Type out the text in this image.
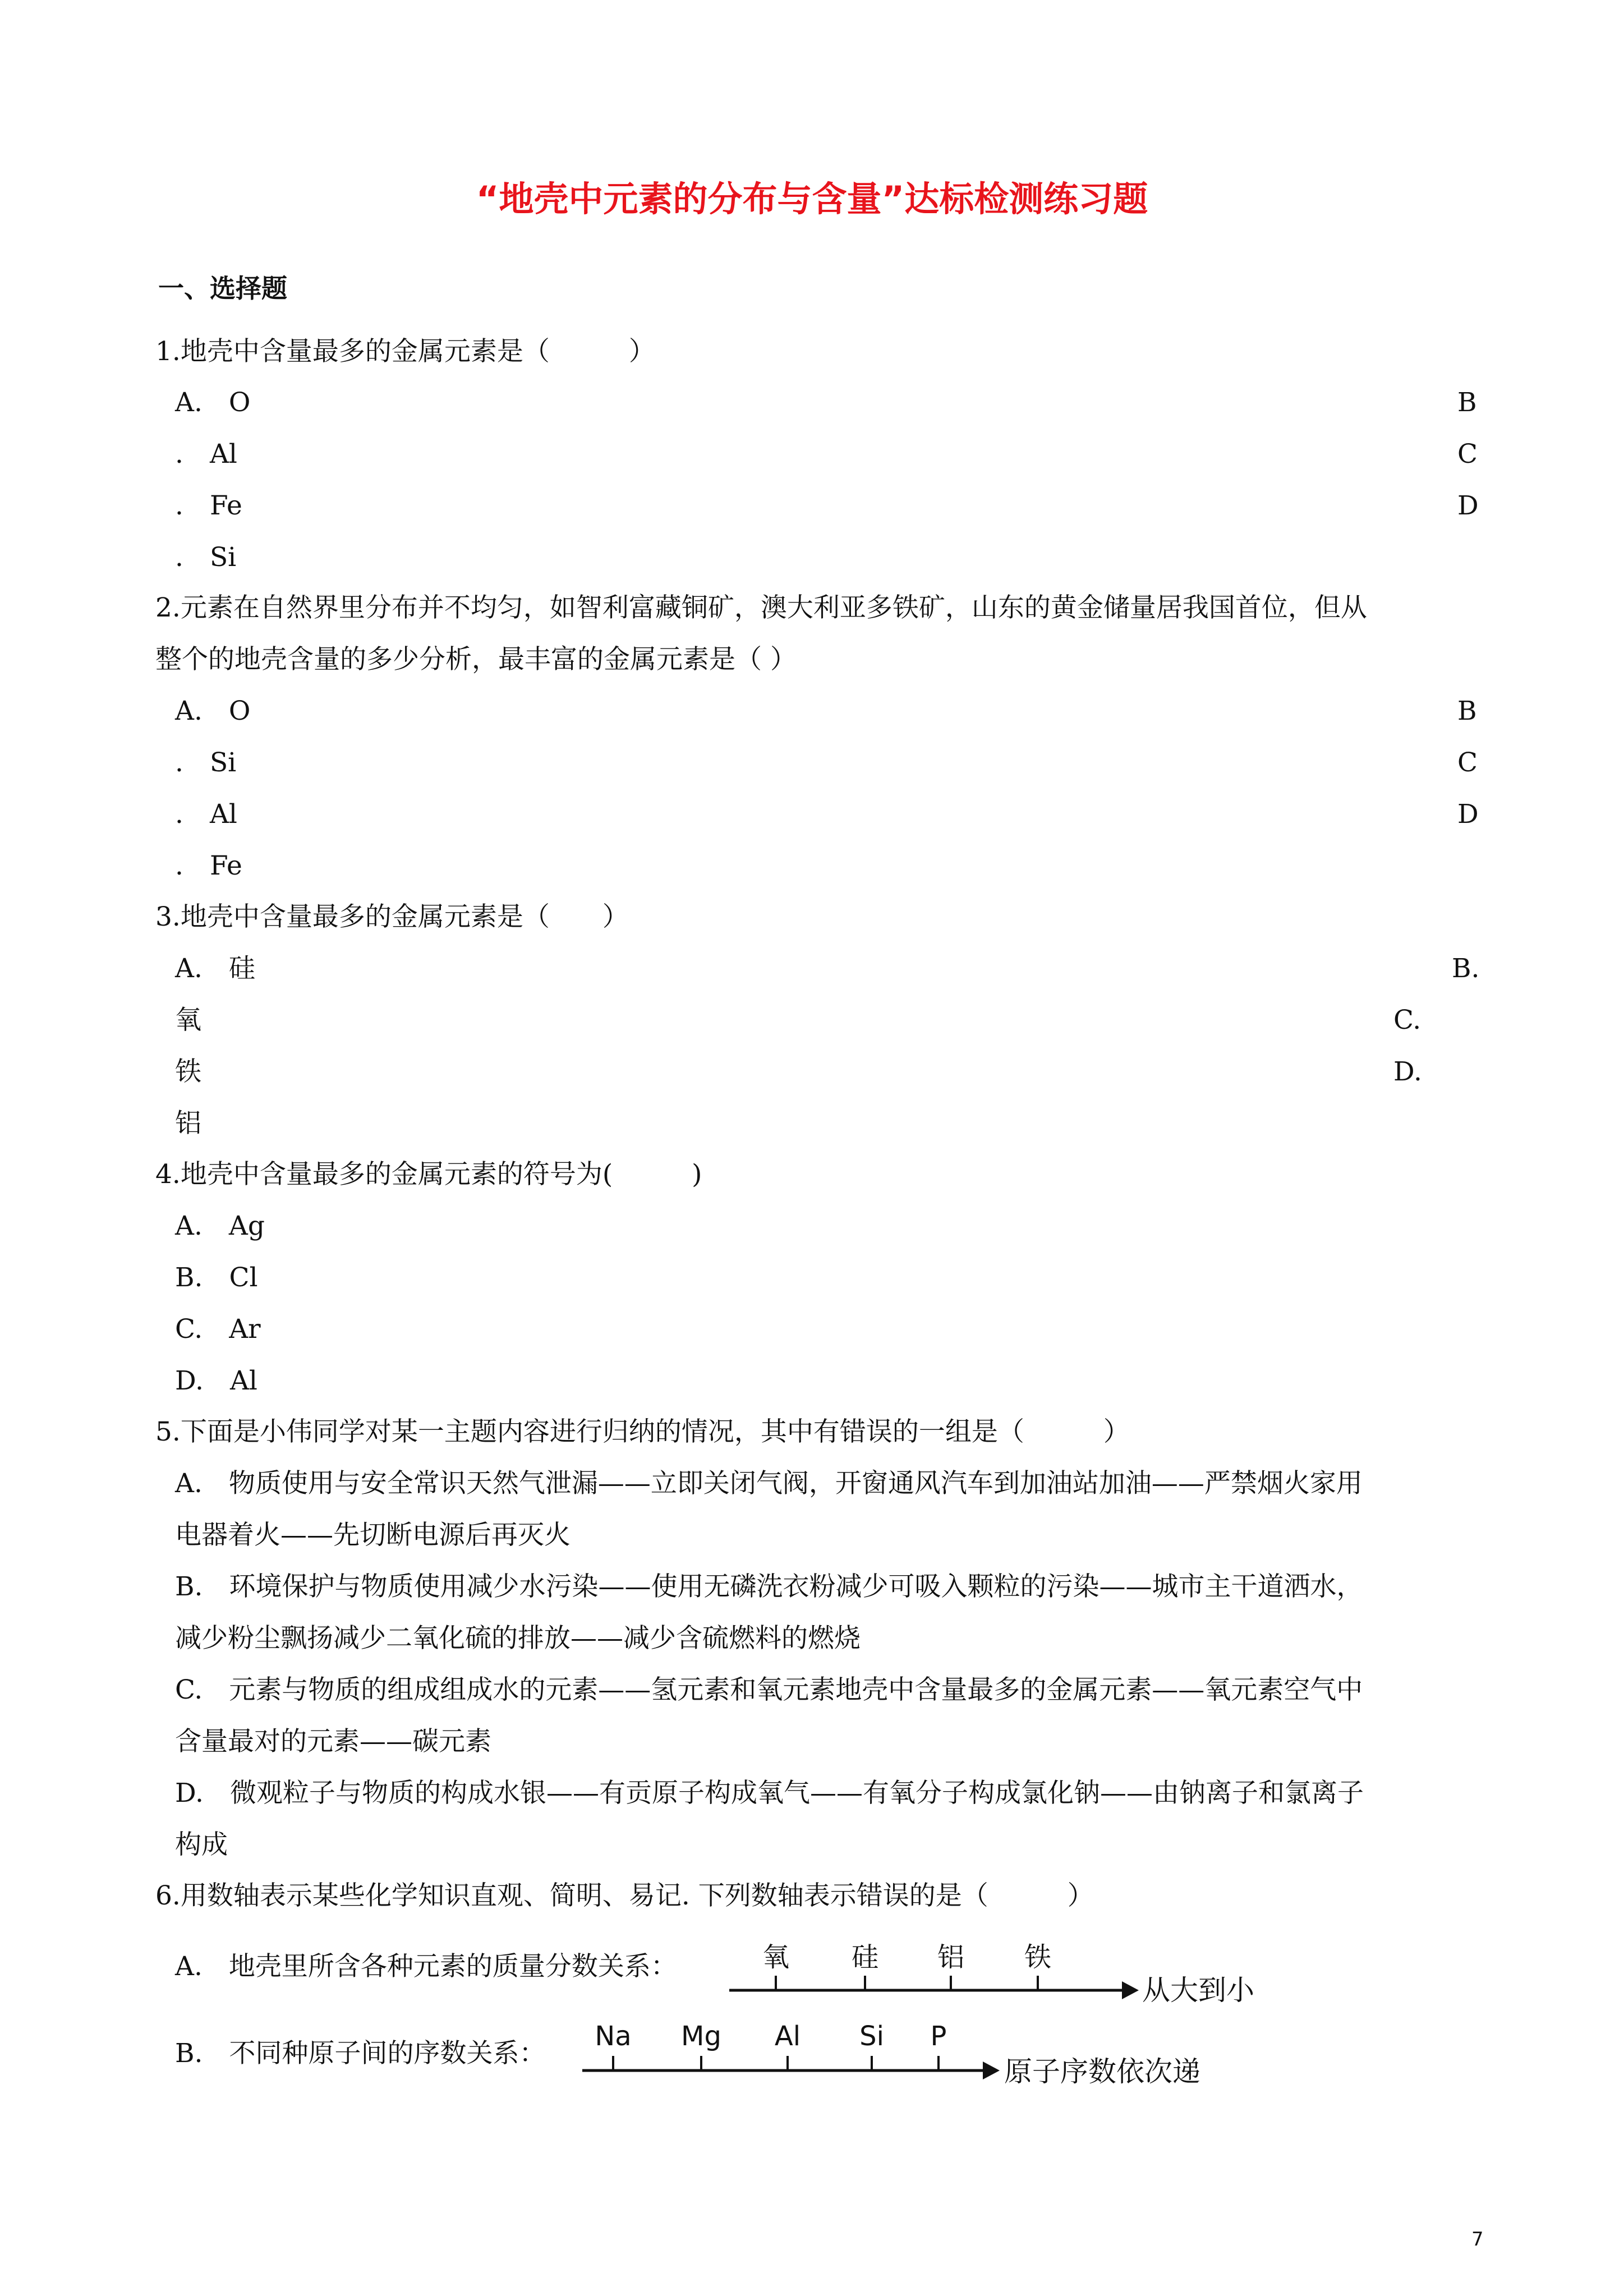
“地壳中元素的分布与含量”达标检测练习题
一、选择题
1.地壳中含量最多的金属元素是（　　　）
A.　O	B
.　Al	C
.　Fe	D
.　Si
2.元素在自然界里分布并不均匀，如智利富藏铜矿，澳大利亚多铁矿，山东的黄金储量居我国首位，但从
整个的地壳含量的多少分析，最丰富的金属元素是（ ）
A.　O	B
.　Si	C
.　Al	D
.　Fe
3.地壳中含量最多的金属元素是（　　）
A.　硅	B.
氧	C.
铁	D.
铝
4.地壳中含量最多的金属元素的符号为(　　　)
A.　Ag
B.　Cl
C.　Ar
D.　Al
5.下面是小伟同学对某一主题内容进行归纳的情况，其中有错误的一组是（　　　）
A.　物质使用与安全常识天然气泄漏——立即关闭气阀，开窗通风汽车到加油站加油——严禁烟火家用
电器着火——先切断电源后再灭火
B.　环境保护与物质使用减少水污染——使用无磷洗衣粉减少可吸入颗粒的污染——城市主干道洒水，
减少粉尘飘扬减少二氧化硫的排放——减少含硫燃料的燃烧
C.　元素与物质的组成组成水的元素——氢元素和氧元素地壳中含量最多的金属元素——氧元素空气中
含量最对的元素——碳元素
D.　微观粒子与物质的构成水银——有贡原子构成氧气——有氧分子构成氯化钠——由钠离子和氯离子
构成
6.用数轴表示某些化学知识直观、简明、易记. 下列数轴表示错误的是（　　　）
A.　地壳里所含各种元素的质量分数关系：
B.　不同种原子间的序数关系：
氧 硅 铝 铁
从大到小
Na Mg Al Si P
原子序数依次递
7
